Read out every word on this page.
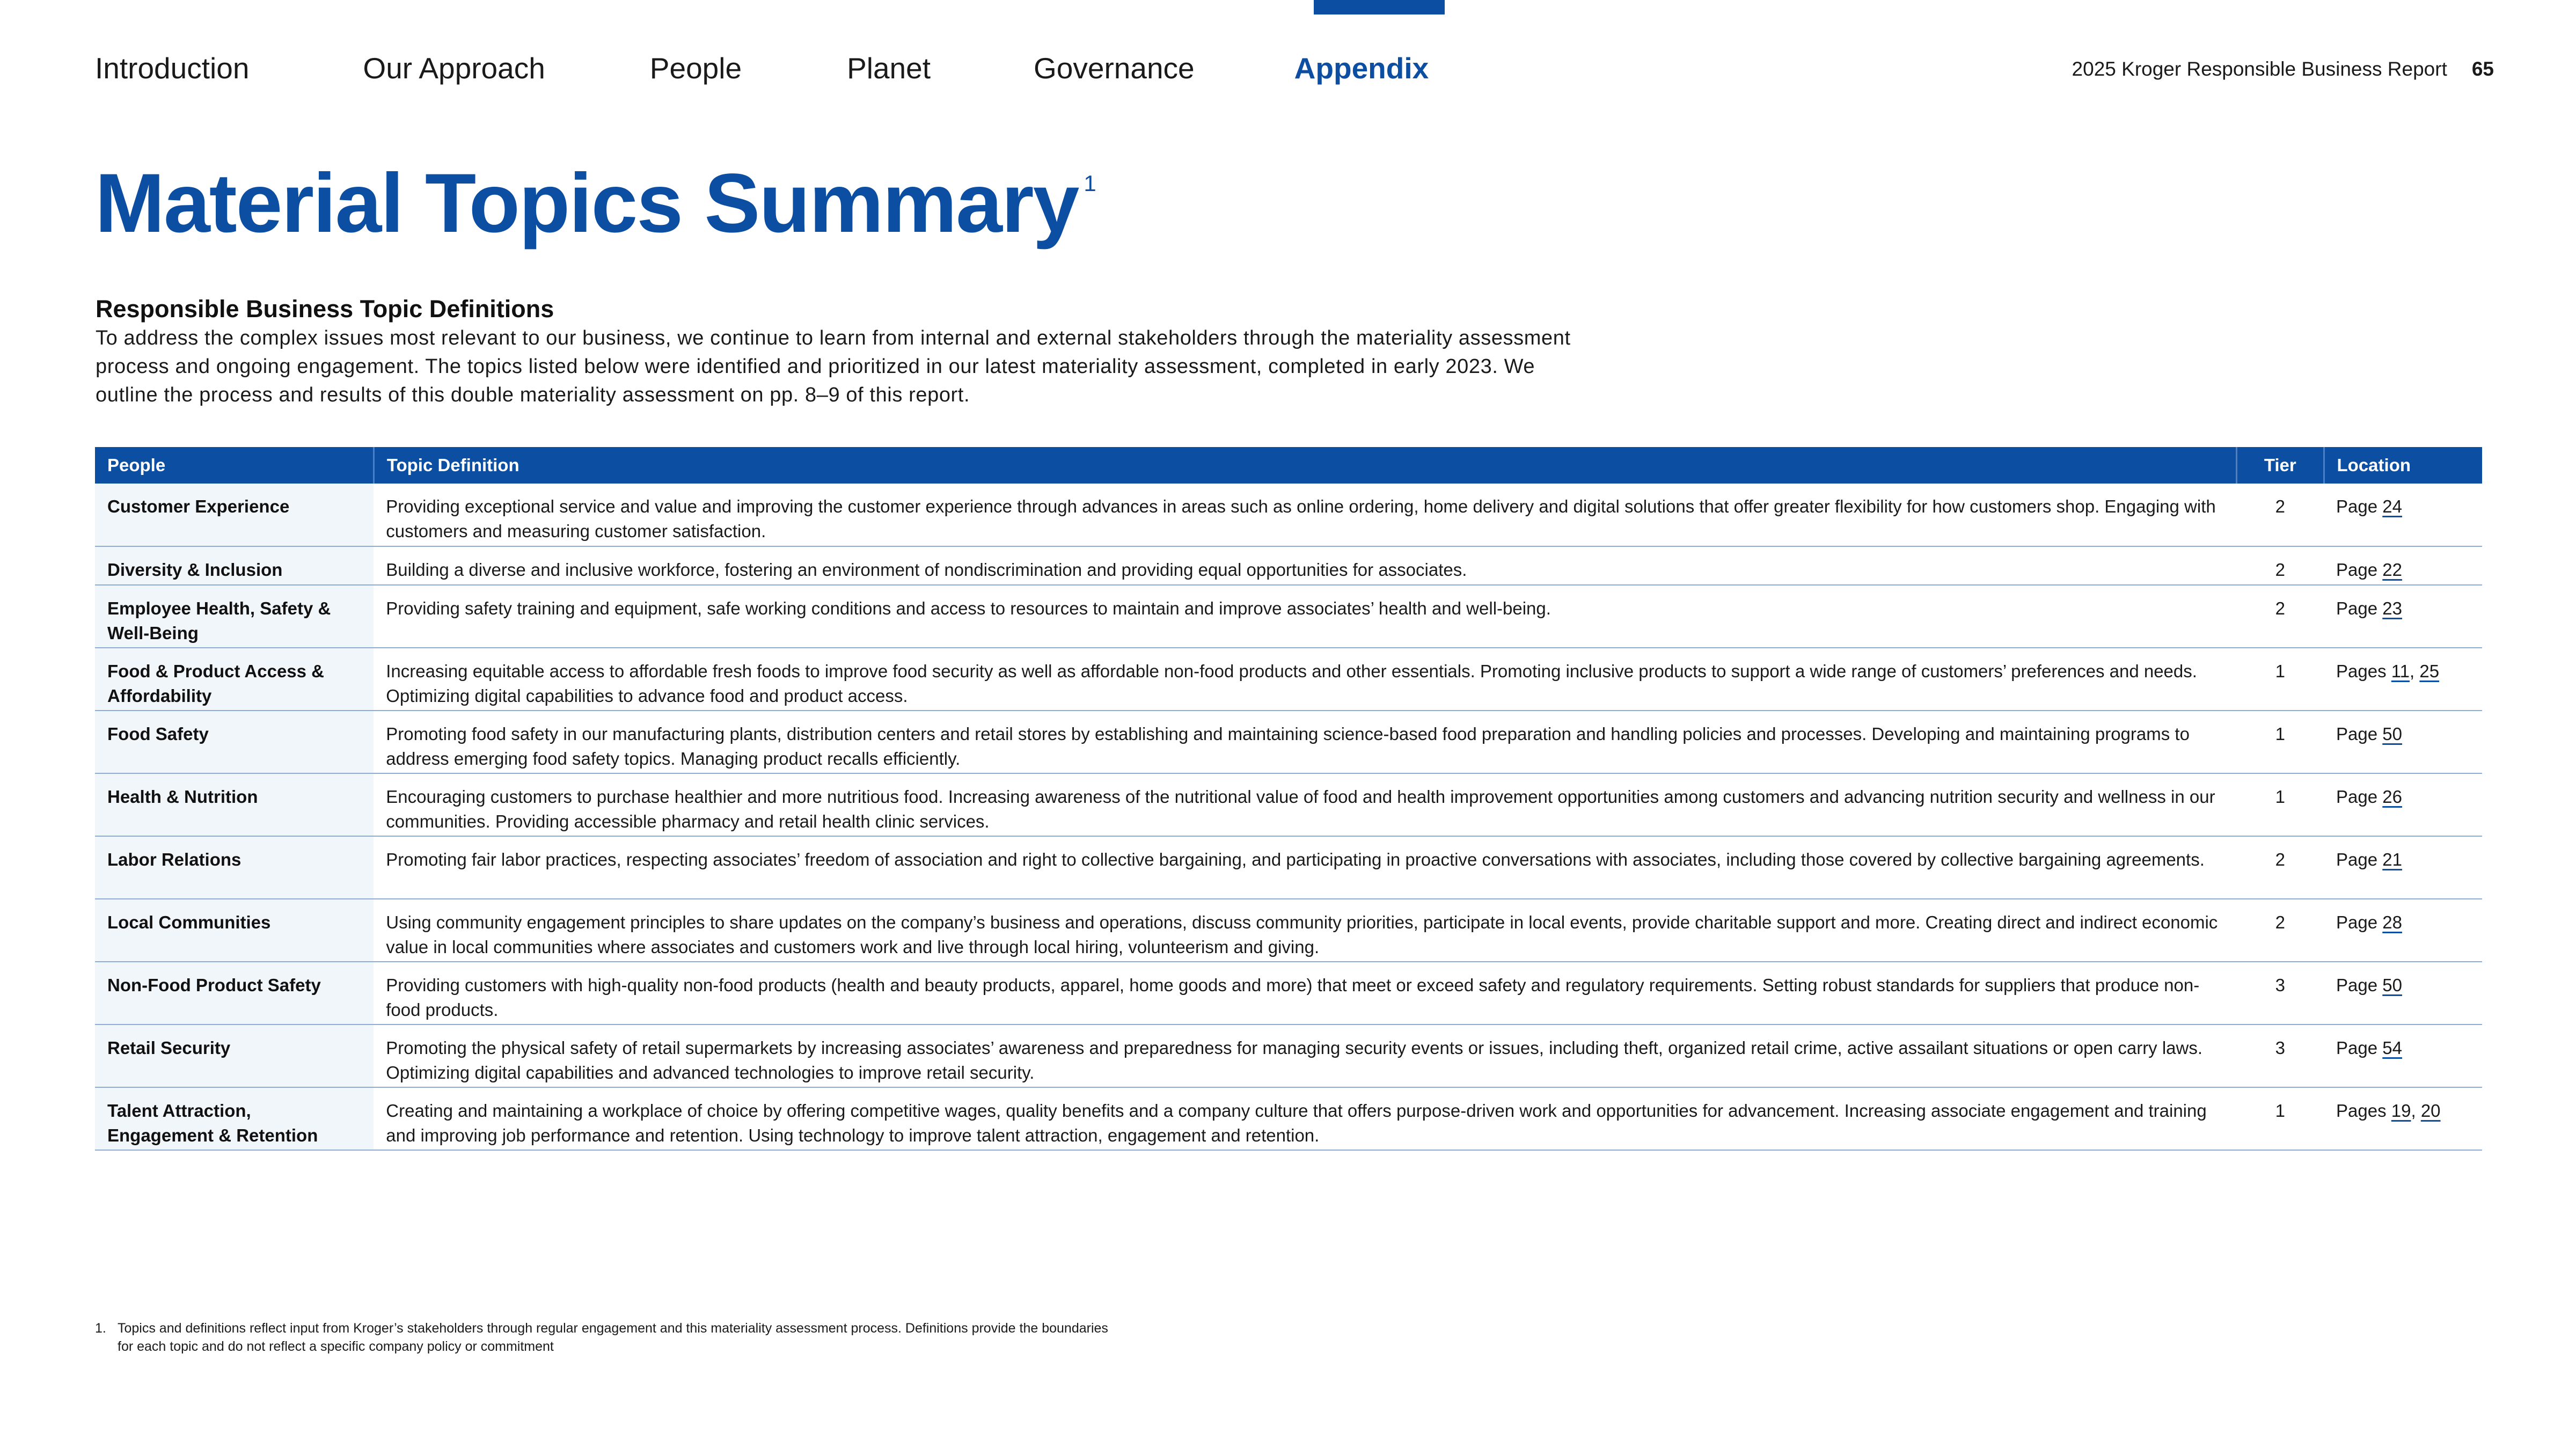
Introduction	Our Approach	People	Planet	Governance	Appendix	2025 Kroger Responsible Business Report 65
Material Topics Summary $^1$
Responsible Business Topic Definitions

To address the complex issues most relevant to our business, we continue to learn from internal and external stakeholders through the materiality assessment process and ongoing engagement. The topics listed below were identified and prioritized in our latest materiality assessment, completed in early 2023. We outline the process and results of this double materiality assessment on pp. 8–9 of this report.

People	Topic Definition	Tier	Location
Customer Experience	Providing exceptional service and value and improving the customer experience through advances in areas such as online ordering, home delivery and digital solutions that offer greater flexibility for how customers shop. Engaging with customers and measuring customer satisfaction.	2	Page 24
Diversity & Inclusion	Building a diverse and inclusive workforce, fostering an environment of nondiscrimination and providing equal opportunities for associates.	2	Page 22
Employee Health, Safety & Well-Being	Providing safety training and equipment, safe working conditions and access to resources to maintain and improve associates’ health and well-being.	2	Page 23
Food & Product Access & Affordability	Increasing equitable access to affordable fresh foods to improve food security as well as affordable non-food products and other essentials. Promoting inclusive products to support a wide range of customers’ preferences and needs. Optimizing digital capabilities to advance food and product access.	1	Pages 11, 25
Food Safety	Promoting food safety in our manufacturing plants, distribution centers and retail stores by establishing and maintaining science-based food preparation and handling policies and processes. Developing and maintaining programs to address emerging food safety topics. Managing product recalls efficiently.	1	Page 50
Health & Nutrition	Encouraging customers to purchase healthier and more nutritious food. Increasing awareness of the nutritional value of food and health improvement opportunities among customers and advancing nutrition security and wellness in our communities. Providing accessible pharmacy and retail health clinic services.	1	Page 26
Labor Relations	Promoting fair labor practices, respecting associates’ freedom of association and right to collective bargaining, and participating in proactive conversations with associates, including those covered by collective bargaining agreements.	2	Page 21
Local Communities	Using community engagement principles to share updates on the company’s business and operations, discuss community priorities, participate in local events, provide charitable support and more. Creating direct and indirect economic value in local communities where associates and customers work and live through local hiring, volunteerism and giving.	2	Page 28
Non-Food Product Safety	Providing customers with high-quality non-food products (health and beauty products, apparel, home goods and more) that meet or exceed safety and regulatory requirements. Setting robust standards for suppliers that produce non-food products.	3	Page 50
Retail Security	Promoting the physical safety of retail supermarkets by increasing associates’ awareness and preparedness for managing security events or issues, including theft, organized retail crime, active assailant situations or open carry laws. Optimizing digital capabilities and advanced technologies to improve retail security.	3	Page 54
Talent Attraction, Engagement & Retention	Creating and maintaining a workplace of choice by offering competitive wages, quality benefits and a company culture that offers purpose-driven work and opportunities for advancement. Increasing associate engagement and training and improving job performance and retention. Using technology to improve talent attraction, engagement and retention.	1	Pages 19, 20
1. Topics and definitions reflect input from Kroger’s stakeholders through regular engagement and this materiality assessment process. Definitions provide the boundaries for each topic and do not reflect a specific company policy or commitment
